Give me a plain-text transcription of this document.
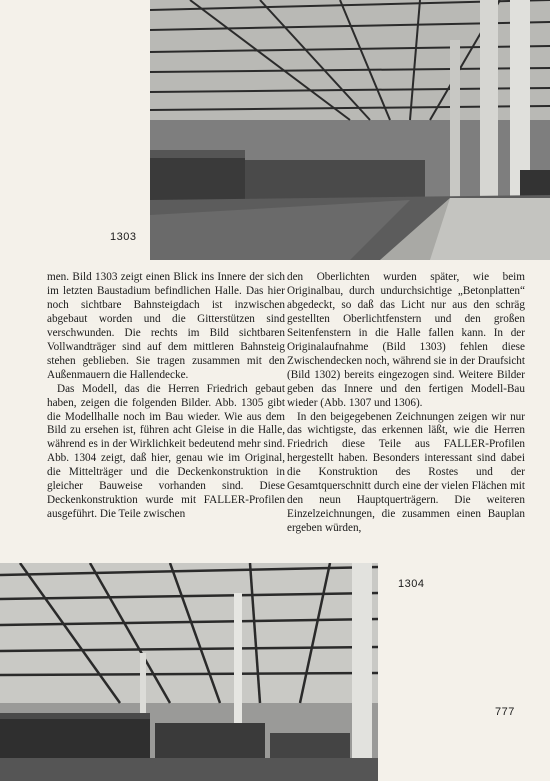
1303

men. Bild 1303 zeigt einen Blick ins Innere der sich im letzten Baustadium befindlichen Halle. Das hier noch sichtbare Bahnsteigdach ist inzwischen abgebaut worden und die Gitterstützen sind verschwunden. Die rechts im Bild sichtbaren Vollwandträger sind auf dem mittleren Bahnsteig stehen geblieben. Sie tragen zusammen mit den Außenmauern die Hallendecke.

Das Modell, das die Herren Friedrich gebaut haben, zeigen die folgenden Bilder. Abb. 1305 gibt die Modellhalle noch im Bau wieder. Wie aus dem Bild zu ersehen ist, führen acht Gleise in die Halle, während es in der Wirklichkeit bedeutend mehr sind. Abb. 1304 zeigt, daß hier, genau wie im Original, die Mittelträger und die Deckenkonstruktion in gleicher Bauweise vorhanden sind. Diese Deckenkonstruktion wurde mit FALLER-Profilen ausgeführt. Die Teile zwischen

den Oberlichten wurden später, wie beim Originalbau, durch undurchsichtige „Betonplatten“ abgedeckt, so daß das Licht nur aus den schräg gestellten Oberlichtfenstern und den großen Seitenfenstern in die Halle fallen kann. In der Originalaufnahme (Bild 1303) fehlen diese Zwischendecken noch, während sie in der Draufsicht (Bild 1302) bereits eingezogen sind. Weitere Bilder geben das Innere und den fertigen Modell-Bau wieder (Abb. 1307 und 1306).

In den beigegebenen Zeichnungen zeigen wir nur das wichtigste, das erkennen läßt, wie die Herren Friedrich diese Teile aus FALLER-Profilen hergestellt haben. Besonders interessant sind dabei die Konstruktion des Rostes und der Gesamtquerschnitt durch eine der vielen Flächen mit den neun Hauptquerträgern. Die weiteren Einzelzeichnungen, die zusammen einen Bauplan ergeben würden,

1304
777
